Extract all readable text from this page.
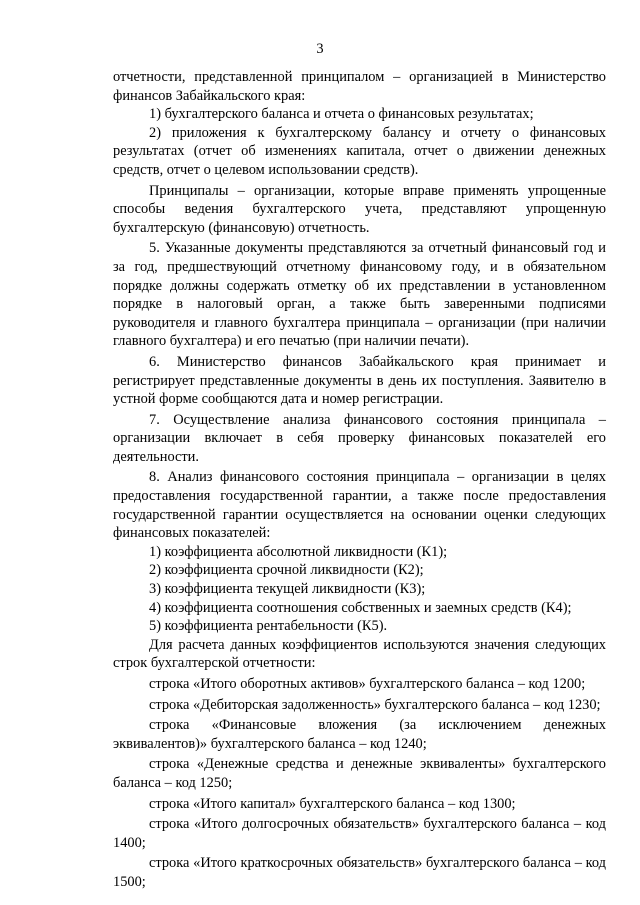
3

отчетности, представленной принципалом – организацией в Министерство финансов Забайкальского края:

1) бухгалтерского баланса и отчета о финансовых результатах;

2) приложения к бухгалтерскому балансу и отчету о финансовых результатах (отчет об изменениях капитала, отчет о движении денежных средств, отчет о целевом использовании средств).

Принципалы – организации, которые вправе применять упрощенные способы ведения бухгалтерского учета, представляют упрощенную бухгалтерскую (финансовую) отчетность.

5. Указанные документы представляются за отчетный финансовый год и за год, предшествующий отчетному финансовому году, и в обязательном порядке должны содержать отметку об их представлении в установленном порядке в налоговый орган, а также быть заверенными подписями руководителя и главного бухгалтера принципала – организации (при наличии главного бухгалтера) и его печатью (при наличии печати).

6. Министерство финансов Забайкальского края принимает и регистрирует представленные документы в день их поступления. Заявителю в устной форме сообщаются дата и номер регистрации.

7. Осуществление анализа финансового состояния принципала – организации включает в себя проверку финансовых показателей его деятельности.

8. Анализ финансового состояния принципала – организации в целях предоставления государственной гарантии, а также после предоставления государственной гарантии осуществляется на основании оценки следующих финансовых показателей:

1) коэффициента абсолютной ликвидности (К1);

2) коэффициента срочной ликвидности (К2);

3) коэффициента текущей ликвидности (К3);

4) коэффициента соотношения собственных и заемных средств (К4);

5) коэффициента рентабельности (К5).

Для расчета данных коэффициентов используются значения следующих строк бухгалтерской отчетности:

строка «Итого оборотных активов» бухгалтерского баланса – код 1200;

строка «Дебиторская задолженность» бухгалтерского баланса – код 1230;

строка «Финансовые вложения (за исключением денежных эквивалентов)» бухгалтерского баланса – код 1240;

строка «Денежные средства и денежные эквиваленты» бухгалтерского баланса – код 1250;

строка «Итого капитал» бухгалтерского баланса – код 1300;

строка «Итого долгосрочных обязательств» бухгалтерского баланса – код 1400;

строка «Итого краткосрочных обязательств» бухгалтерского баланса – код 1500;
